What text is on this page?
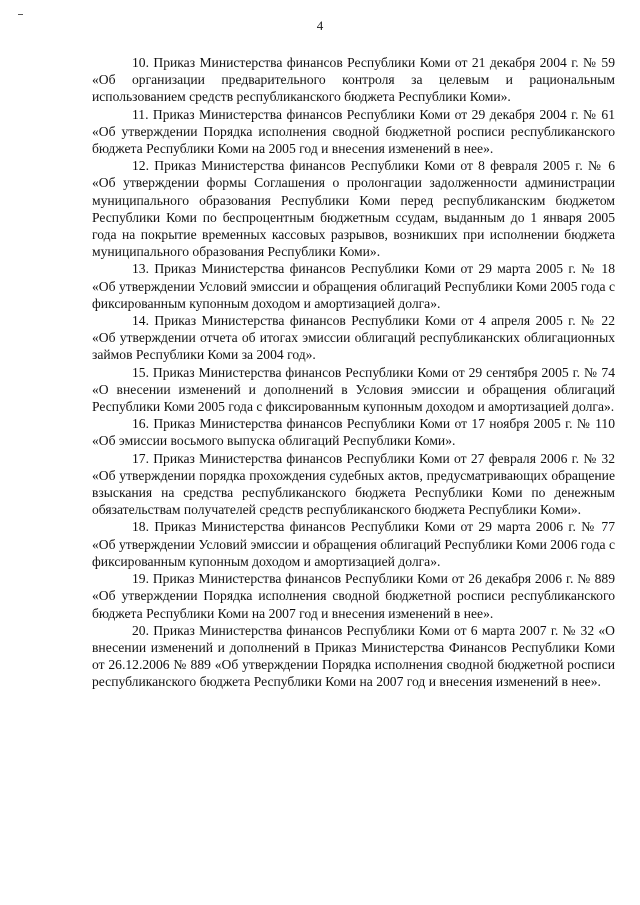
4

10. Приказ Министерства финансов Республики Коми от 21 декабря 2004 г. № 59 «Об организации предварительного контроля за целевым и рациональным использованием средств республиканского бюджета Республики Коми».

11. Приказ Министерства финансов Республики Коми от 29 декабря 2004 г. № 61 «Об утверждении Порядка исполнения сводной бюджетной росписи республиканского бюджета Республики Коми на 2005 год и внесения изменений в нее».

12. Приказ Министерства финансов Республики Коми от 8 февраля 2005 г. № 6 «Об утверждении формы Соглашения о пролонгации задолженности администрации муниципального образования Республики Коми перед республиканским бюджетом Республики Коми по беспроцентным бюджетным ссудам, выданным до 1 января 2005 года на покрытие временных кассовых разрывов, возникших при исполнении бюджета муниципального образования Республики Коми».

13. Приказ Министерства финансов Республики Коми от 29 марта 2005 г. № 18 «Об утверждении Условий эмиссии и обращения облигаций Республики Коми 2005 года с фиксированным купонным доходом и амортизацией долга».

14. Приказ Министерства финансов Республики Коми от 4 апреля 2005 г. № 22 «Об утверждении отчета об итогах эмиссии облигаций республиканских облигационных займов Республики Коми за 2004 год».

15. Приказ Министерства финансов Республики Коми от 29 сентября 2005 г. № 74 «О внесении изменений и дополнений в Условия эмиссии и обращения облигаций Республики Коми 2005 года с фиксированным купонным доходом и амортизацией долга».

16. Приказ Министерства финансов Республики Коми от 17 ноября 2005 г. № 110 «Об эмиссии восьмого выпуска облигаций Республики Коми».

17. Приказ Министерства финансов Республики Коми от 27 февраля 2006 г. № 32 «Об утверждении порядка прохождения судебных актов, предусматривающих обращение взыскания на средства республиканского бюджета Республики Коми по денежным обязательствам получателей средств республиканского бюджета Республики Коми».

18. Приказ Министерства финансов Республики Коми от 29 марта 2006 г. № 77 «Об утверждении Условий эмиссии и обращения облигаций Республики Коми 2006 года с фиксированным купонным доходом и амортизацией долга».

19. Приказ Министерства финансов Республики Коми от 26 декабря 2006 г. № 889 «Об утверждении Порядка исполнения сводной бюджетной росписи республиканского бюджета Республики Коми на 2007 год и внесения изменений в нее».

20. Приказ Министерства финансов Республики Коми от 6 марта 2007 г. № 32 «О внесении изменений и дополнений в Приказ Министерства Финансов Республики Коми от 26.12.2006 № 889 «Об утверждении Порядка исполнения сводной бюджетной росписи республиканского бюджета Республики Коми на 2007 год и внесения изменений в нее».
